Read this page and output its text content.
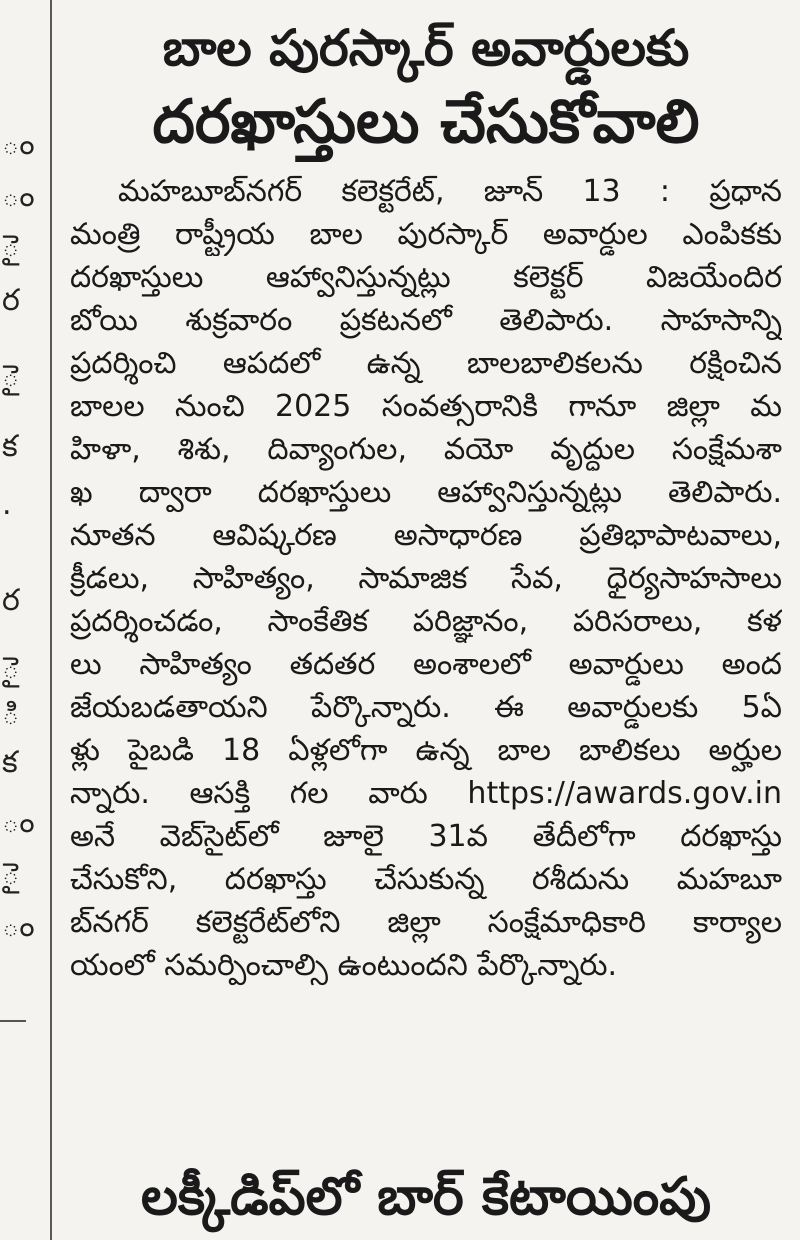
ం
ం
ై
ర
ై
క
.
ర
ై
ి
క
ం
ై
ం
బాల పురస్కార్ అవార్డులకు
దరఖాస్తులు చేసుకోవాలి
మహబూబ్‌నగర్ కలెక్టరేట్, జూన్ 13 : ప్రధాన
మంత్రి రాష్ట్రీయ బాల పురస్కార్ అవార్డుల ఎంపికకు
దరఖాస్తులు ఆహ్వానిస్తున్నట్లు కలెక్టర్ విజయేందిర
బోయి శుక్రవారం ప్రకటనలో తెలిపారు. సాహసాన్ని
ప్రదర్శించి ఆపదలో ఉన్న బాలబాలికలను రక్షించిన
బాలల నుంచి 2025 సంవత్సరానికి గానూ జిల్లా మ
హిళా, శిశు, దివ్యాంగుల, వయో వృద్ధుల సంక్షేమశా
ఖ ద్వారా దరఖాస్తులు ఆహ్వానిస్తున్నట్లు తెలిపారు.
నూతన ఆవిష్కరణ అసాధారణ ప్రతిభాపాటవాలు,
క్రీడలు, సాహిత్యం, సామాజిక సేవ, ధైర్యసాహసాలు
ప్రదర్శించడం, సాంకేతిక పరిజ్ఞానం, పరిసరాలు, కళ
లు సాహిత్యం తదతర అంశాలలో అవార్డులు అంద
జేయబడతాయని పేర్కొన్నారు. ఈ అవార్డులకు 5ఏ
ళ్లు పైబడి 18 ఏళ్లలోగా ఉన్న బాల బాలికలు అర్హుల
న్నారు. ఆసక్తి గల వారు https://awards.gov.in
అనే వెబ్‌సైట్‌లో జూలై 31వ తేదీలోగా దరఖాస్తు
చేసుకోని, దరఖాస్తు చేసుకున్న రశీదును మహబూ
బ్‌నగర్ కలెక్టరేట్‌లోని జిల్లా సంక్షేమాధికారి కార్యాల
యంలో సమర్పించాల్సి ఉంటుందని పేర్కొన్నారు.
లక్కీడిప్‌లో బార్ కేటాయింపు
